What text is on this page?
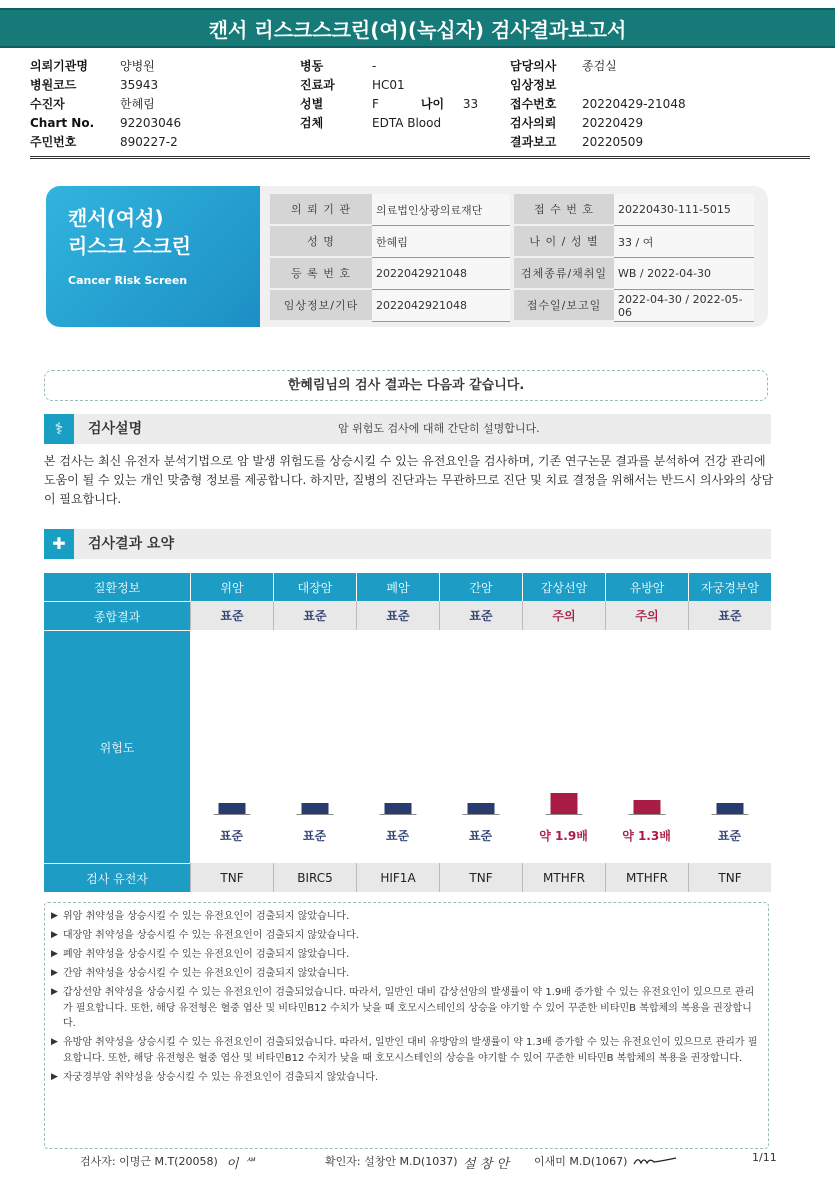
캔서 리스크스크린(여)(녹십자) 검사결과보고서
의뢰기관명	양병원
병원코드	35943
수진자	한혜림
Chart No.	92203046
주민번호	890227-2
병동	-
진료과	HC01
성별	F	나이	33
검체	EDTA Blood
담당의사	종검실
임상정보
접수번호	20220429-21048
검사의뢰	20220429
결과보고	20220509
캔서(여성)
리스크 스크린
Cancer Risk Screen
의 뢰 기 관	의료법인상광의료재단	접 수 번 호	20220430-111-5015
성 명	한혜림	나 이 / 성 별	33 / 여
등 록 번 호	2022042921048	검체종류/채취일 WB / 2022-04-30
임상정보/기타	2022042921048	접수일/보고일	2022-04-30 / 2022-05-06
한혜림님의 검사 결과는 다음과 같습니다.
⚕	검사설명	암 위험도 검사에 대해 간단히 설명합니다.
본 검사는 최신 유전자 분석기법으로 암 발생 위험도를 상승시킬 수 있는 유전요인을 검사하며, 기존 연구논문 결과를 분석하여 건강 관리에 도움이 될 수 있는 개인 맞춤형 정보를 제공합니다. 하지만, 질병의 진단과는 무관하므로 진단 및 치료 결정을 위해서는 반드시 의사와의 상담이 필요합니다.
✚	검사결과 요약
질환정보	위암	대장암	폐암	간암	갑상선암	유방암	자궁경부암
종합결과	표준	표준	표준	표준	주의	주의	표준
위험도
표준	표준	표준	표준	약 1.9배	약 1.3배	표준
검사 유전자	TNF	BIRC5	HIF1A	TNF	MTHFR	MTHFR	TNF
▶ 위암 취약성을 상승시킬 수 있는 유전요인이 검출되지 않았습니다.
▶ 대장암 취약성을 상승시킬 수 있는 유전요인이 검출되지 않았습니다.
▶ 폐암 취약성을 상승시킬 수 있는 유전요인이 검출되지 않았습니다.
▶ 간암 취약성을 상승시킬 수 있는 유전요인이 검출되지 않았습니다.
▶ 갑상선암 취약성을 상승시킬 수 있는 유전요인이 검출되었습니다. 따라서, 일반인 대비 갑상선암의 발생률이 약 1.9배 증가할 수 있는 유전요인이 있으므로 관리가 필요합니다. 또한, 해당 유전형은 혈중 엽산 및 비타민B12 수치가 낮을 때 호모시스테인의 상승을 야기할 수 있어 꾸준한 비타민B 복합체의 복용을 권장합니다.
▶ 유방암 취약성을 상승시킬 수 있는 유전요인이 검출되었습니다. 따라서, 일반인 대비 유방암의 발생률이 약 1.3배 증가할 수 있는 유전요인이 있으므로 관리가 필요합니다. 또한, 해당 유전형은 혈중 엽산 및 비타민B12 수치가 낮을 때 호모시스테인의 상승을 야기할 수 있어 꾸준한 비타민B 복합체의 복용을 권장합니다.
▶ 자궁경부암 취약성을 상승시킬 수 있는 유전요인이 검출되지 않았습니다.
검사자: 이명근 M.T(20058) 이 ᄲ	확인자: 설창안 M.D(1037) 설 창 안 이새미 M.D(1067)	1/11
